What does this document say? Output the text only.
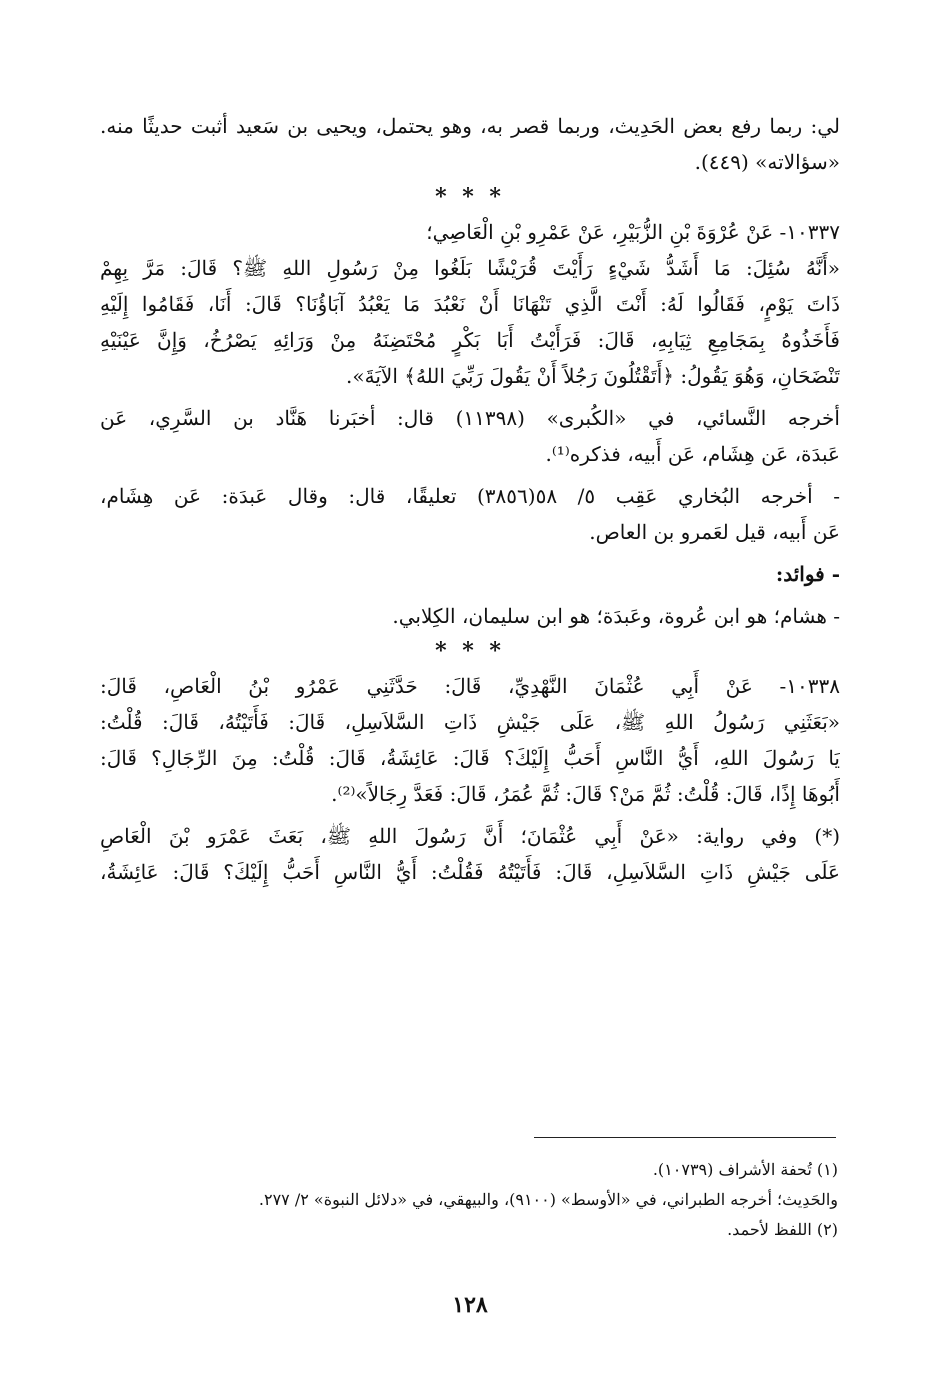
لي: ربما رفع بعض الحَدِيث، وربما قصر به، وهو يحتمل، ويحيى بن سَعيد أثبت حديثًا منه.
«سؤالاته» (٤٤٩).
* * *
١٠٣٣٧- عَنْ عُرْوَةَ بْنِ الزُّبَيْرِ، عَنْ عَمْرِو بْنِ الْعَاصِي؛
«أَنَّهُ سُئِلَ: مَا أَشَدُّ شَيْءٍ رَأَيْتَ قُرَيْشًا بَلَغُوا مِنْ رَسُولِ اللهِ ﷺ؟ قَالَ: مَرَّ بِهِمْ
ذَاتَ يَوْمٍ، فَقَالُوا لَهُ: أَنْتَ الَّذِي تَنْهَانَا أَنْ نَعْبُدَ مَا يَعْبُدُ آبَاؤُنَا؟ قَالَ: أَنَا، فَقَامُوا إِلَيْهِ
فَأَخَذُوهُ بِمَجَامِعِ ثِيَابِهِ، قَالَ: فَرَأَيْتُ أَبَا بَكْرٍ مُحْتَضِنَهُ مِنْ وَرَائِهِ يَصْرُخُ، وَإِنَّ عَيْنَيْهِ
تَنْضَحَانِ، وَهُوَ يَقُولُ: ﴿أَتَقْتُلُونَ رَجُلاً أَنْ يَقُولَ رَبِّيَ اللهُ﴾ الآيَةَ».
أخرجه النَّسائي، في «الكُبرى» (١١٣٩٨) قال: أخبَرنا هَنَّاد بن السَّرِي، عَن
عَبدَة، عَن هِشَام، عَن أَبيه، فذكره⁽¹⁾.
- أخرجه البُخاري عَقِب ٥/ ٥٨(٣٨٥٦) تعليقًا، قال: وقال عَبدَة: عَن هِشَام،
عَن أَبيه، قيل لعَمرو بن العاص.
- فوائد:
- هشام؛ هو ابن عُروة، وعَبدَة؛ هو ابن سليمان، الكِلابي.
* * *
١٠٣٣٨- عَنْ أَبِي عُثْمَانَ النَّهْدِيِّ، قَالَ: حَدَّثَنِي عَمْرُو بْنُ الْعَاصِ، قَالَ:
«بَعَثَنِي رَسُولُ اللهِ ﷺ، عَلَى جَيْشِ ذَاتِ السَّلاَسِلِ، قَالَ: فَأَتَيْتُهُ، قَالَ: قُلْتُ:
يَا رَسُولَ اللهِ، أَيُّ النَّاسِ أَحَبُّ إِلَيْكَ؟ قَالَ: عَائِشَةُ، قَالَ: قُلْتُ: مِنَ الرِّجَالِ؟ قَالَ:
أَبُوهَا إِذًا، قَالَ: قُلْتُ: ثُمَّ مَنْ؟ قَالَ: ثُمَّ عُمَرُ، قَالَ: فَعَدَّ رِجَالاً»⁽²⁾.
(*) وفي رواية: «عَنْ أَبِي عُثْمَانَ؛ أَنَّ رَسُولَ اللهِ ﷺ، بَعَثَ عَمْرَو بْنَ الْعَاصِ
عَلَى جَيْشِ ذَاتِ السَّلاَسِلِ، قَالَ: فَأَتَيْتُهُ فَقُلْتُ: أَيُّ النَّاسِ أَحَبُّ إِلَيْكَ؟ قَالَ: عَائِشَةُ،
(١) تُحفة الأشراف (١٠٧٣٩).
والحَدِيث؛ أخرجه الطبراني، في «الأوسط» (٩١٠٠)، والبيهقي، في «دلائل النبوة» ٢/ ٢٧٧.
(٢) اللفظ لأحمد.
١٢٨
